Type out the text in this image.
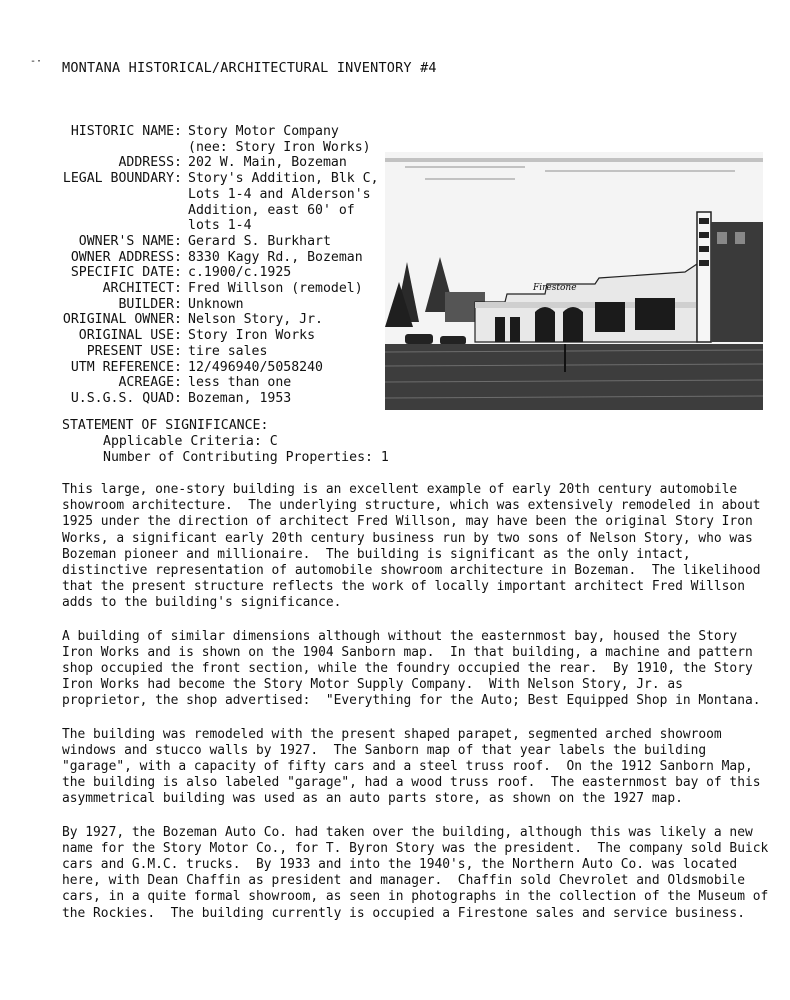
-· MONTANA HISTORICAL/ARCHITECTURAL INVENTORY #4
HISTORIC NAME: Story Motor Company
(nee: Story Iron Works)
ADDRESS: 202 W. Main, Bozeman
LEGAL BOUNDARY: Story's Addition, Blk C,
Lots 1-4 and Alderson's
Addition, east 60' of
lots 1-4
OWNER'S NAME: Gerard S. Burkhart
OWNER ADDRESS: 8330 Kagy Rd., Bozeman
SPECIFIC DATE: c.1900/c.1925
ARCHITECT: Fred Willson (remodel)
BUILDER: Unknown
ORIGINAL OWNER: Nelson Story, Jr.
ORIGINAL USE: Story Iron Works
PRESENT USE: tire sales
UTM REFERENCE: 12/496940/5058240
ACREAGE: less than one
U.S.G.S. QUAD: Bozeman, 1953
Firestone
STATEMENT OF SIGNIFICANCE:
Applicable Criteria: C
Number of Contributing Properties: 1

This large, one-story building is an excellent example of early 20th century automobile
showroom architecture.  The underlying structure, which was extensively remodeled in about
1925 under the direction of architect Fred Willson, may have been the original Story Iron
Works, a significant early 20th century business run by two sons of Nelson Story, who was
Bozeman pioneer and millionaire.  The building is significant as the only intact,
distinctive representation of automobile showroom architecture in Bozeman.  The likelihood
that the present structure reflects the work of locally important architect Fred Willson
adds to the building's significance.

A building of similar dimensions although without the easternmost bay, housed the Story
Iron Works and is shown on the 1904 Sanborn map.  In that building, a machine and pattern
shop occupied the front section, while the foundry occupied the rear.  By 1910, the Story
Iron Works had become the Story Motor Supply Company.  With Nelson Story, Jr. as
proprietor, the shop advertised:  "Everything for the Auto; Best Equipped Shop in Montana.

The building was remodeled with the present shaped parapet, segmented arched showroom
windows and stucco walls by 1927.  The Sanborn map of that year labels the building
"garage", with a capacity of fifty cars and a steel truss roof.  On the 1912 Sanborn Map,
the building is also labeled "garage", had a wood truss roof.  The easternmost bay of this
asymmetrical building was used as an auto parts store, as shown on the 1927 map.

By 1927, the Bozeman Auto Co. had taken over the building, although this was likely a new
name for the Story Motor Co., for T. Byron Story was the president.  The company sold Buick
cars and G.M.C. trucks.  By 1933 and into the 1940's, the Northern Auto Co. was located
here, with Dean Chaffin as president and manager.  Chaffin sold Chevrolet and Oldsmobile
cars, in a quite formal showroom, as seen in photographs in the collection of the Museum of
the Rockies.  The building currently is occupied a Firestone sales and service business.
